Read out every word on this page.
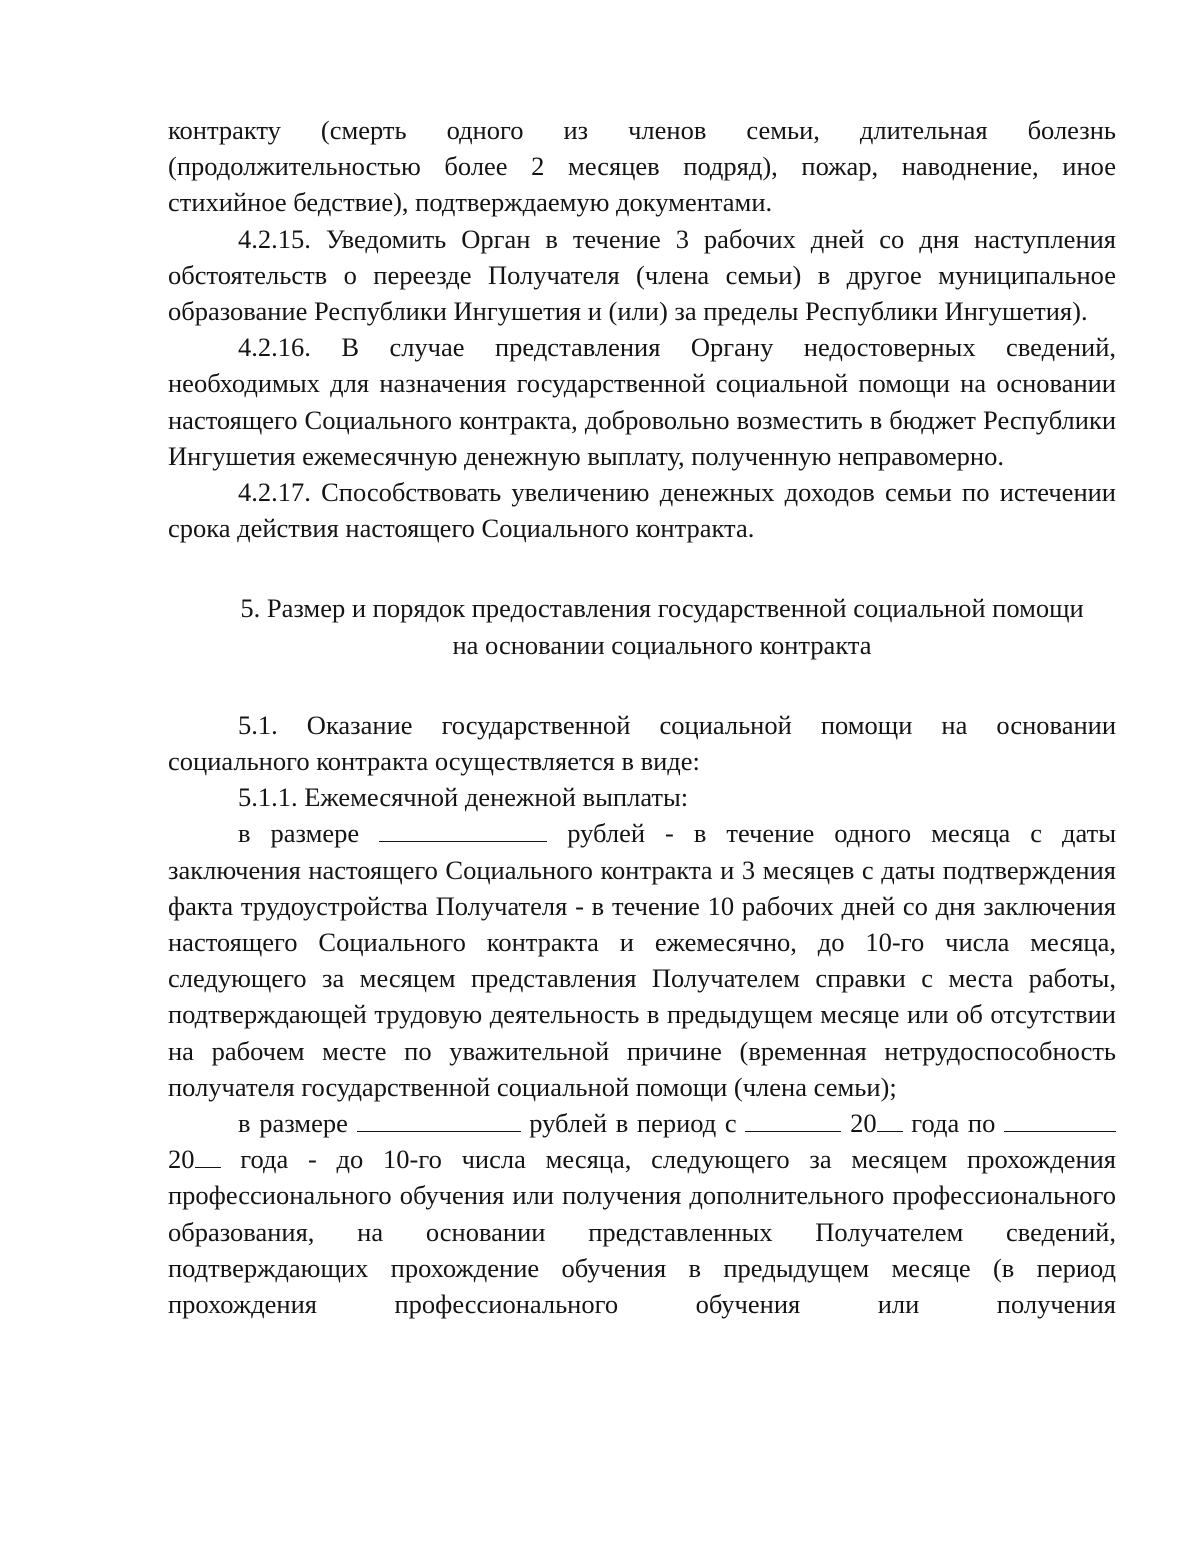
контракту (смерть одного из членов семьи, длительная болезнь (продолжительностью более 2 месяцев подряд), пожар, наводнение, иное стихийное бедствие), подтверждаемую документами.

4.2.15. Уведомить Орган в течение 3 рабочих дней со дня наступления обстоятельств о переезде Получателя (члена семьи) в другое муниципальное образование Республики Ингушетия и (или) за пределы Республики Ингушетия).

4.2.16. В случае представления Органу недостоверных сведений, необходимых для назначения государственной социальной помощи на основании настоящего Социального контракта, добровольно возместить в бюджет Республики Ингушетия ежемесячную денежную выплату, полученную неправомерно.

4.2.17. Способствовать увеличению денежных доходов семьи по истечении срока действия настоящего Социального контракта.

5. Размер и порядок предоставления государственной социальной помощи
на основании социального контракта

5.1. Оказание государственной социальной помощи на основании социального контракта осуществляется в виде:

5.1.1. Ежемесячной денежной выплаты:

в размере	рублей - в течение одного месяца с даты заключения настоящего Социального контракта и 3 месяцев с даты подтверждения факта трудоустройства Получателя - в течение 10 рабочих дней со дня заключения настоящего Социального контракта и ежемесячно, до 10-го числа месяца, следующего за месяцем представления Получателем справки с места работы, подтверждающей трудовую деятельность в предыдущем месяце или об отсутствии на рабочем месте по уважительной причине (временная нетрудоспособность получателя государственной социальной помощи (члена семьи);

в размере	рублей в период с	20 года по  20 года - до 10-го числа месяца, следующего за месяцем прохождения профессионального обучения или получения дополнительного профессионального образования, на основании представленных Получателем сведений, подтверждающих прохождение обучения в предыдущем месяце (в период прохождения профессионального обучения или получения
